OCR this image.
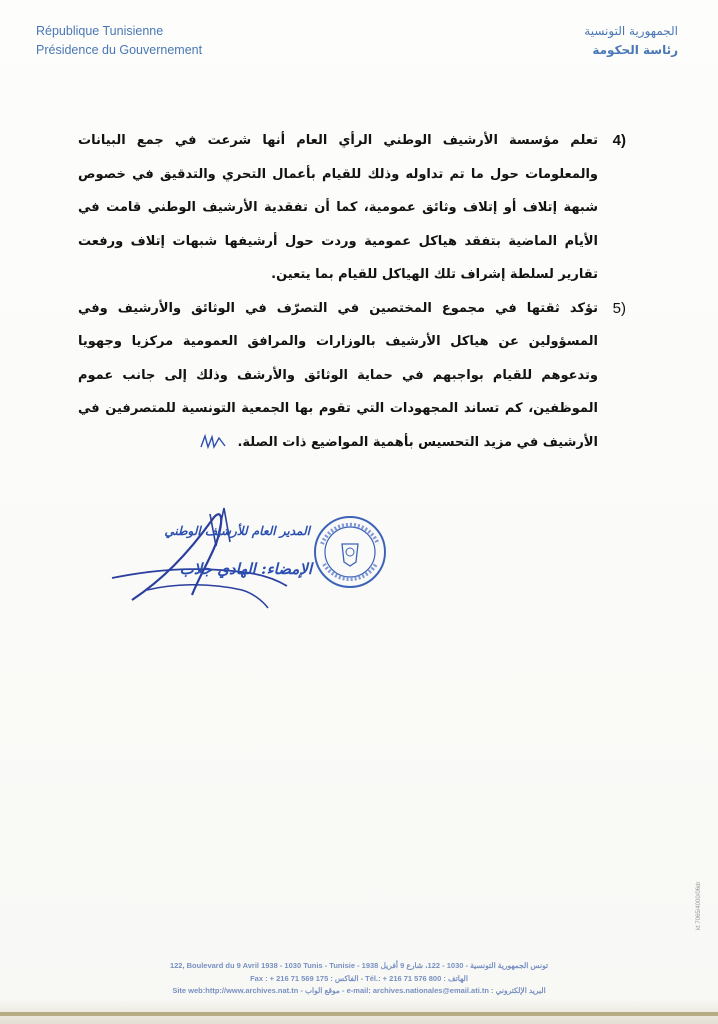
République Tunisienne
Présidence du Gouvernement
الجمهورية التونسية
رئاسة الحكومة

4)
تعلم مؤسسة الأرشيف الوطني الرأي العام أنها شرعت في جمع البيانات والمعلومات حول ما تم تداوله وذلك للقيام بأعمال التحري والتدقيق في خصوص شبهة إتلاف أو إتلاف وثائق عمومية، كما أن تفقدية الأرشيف الوطني قامت في الأيام الماضية بتفقد هياكل عمومية وردت حول أرشيفها شبهات إتلاف ورفعت تقارير لسلطة إشراف تلك الهياكل للقيام بما يتعين.

5)
تؤكد ثقتها في مجموع المختصين في التصرّف في الوثائق والأرشيف وفي المسؤولين عن هياكل الأرشيف بالوزارات والمرافق العمومية مركزيا وجهويا وتدعوهم للقيام بواجبهم في حماية الوثائق والأرشف وذلك إلى جانب عموم الموظفين، كم تساند المجهودات التي تقوم بها الجمعية التونسية للمتصرفين في الأرشيف في مزيد التحسيس بأهمية المواضيع ذات الصلة.

المدير العام للأرشيف الوطني
الإمضاء: الهادي جلاب
122, Boulevard du 9 Avril 1938 - 1030 Tunis - Tunisie - تونس الجمهورية التونسية - 1030 - 122، شارع 9 أفريل 1938
Fax : + 216 71 569 175 : الفاكس - Tél.: + 216 71 576 800 : الهاتف
Site web:http://www.archives.nat.tn - موقع الواب - e-mail: archives.nationales@email.ati.tn : البريد الإلكتروني
kt 7065/4000/06dr
